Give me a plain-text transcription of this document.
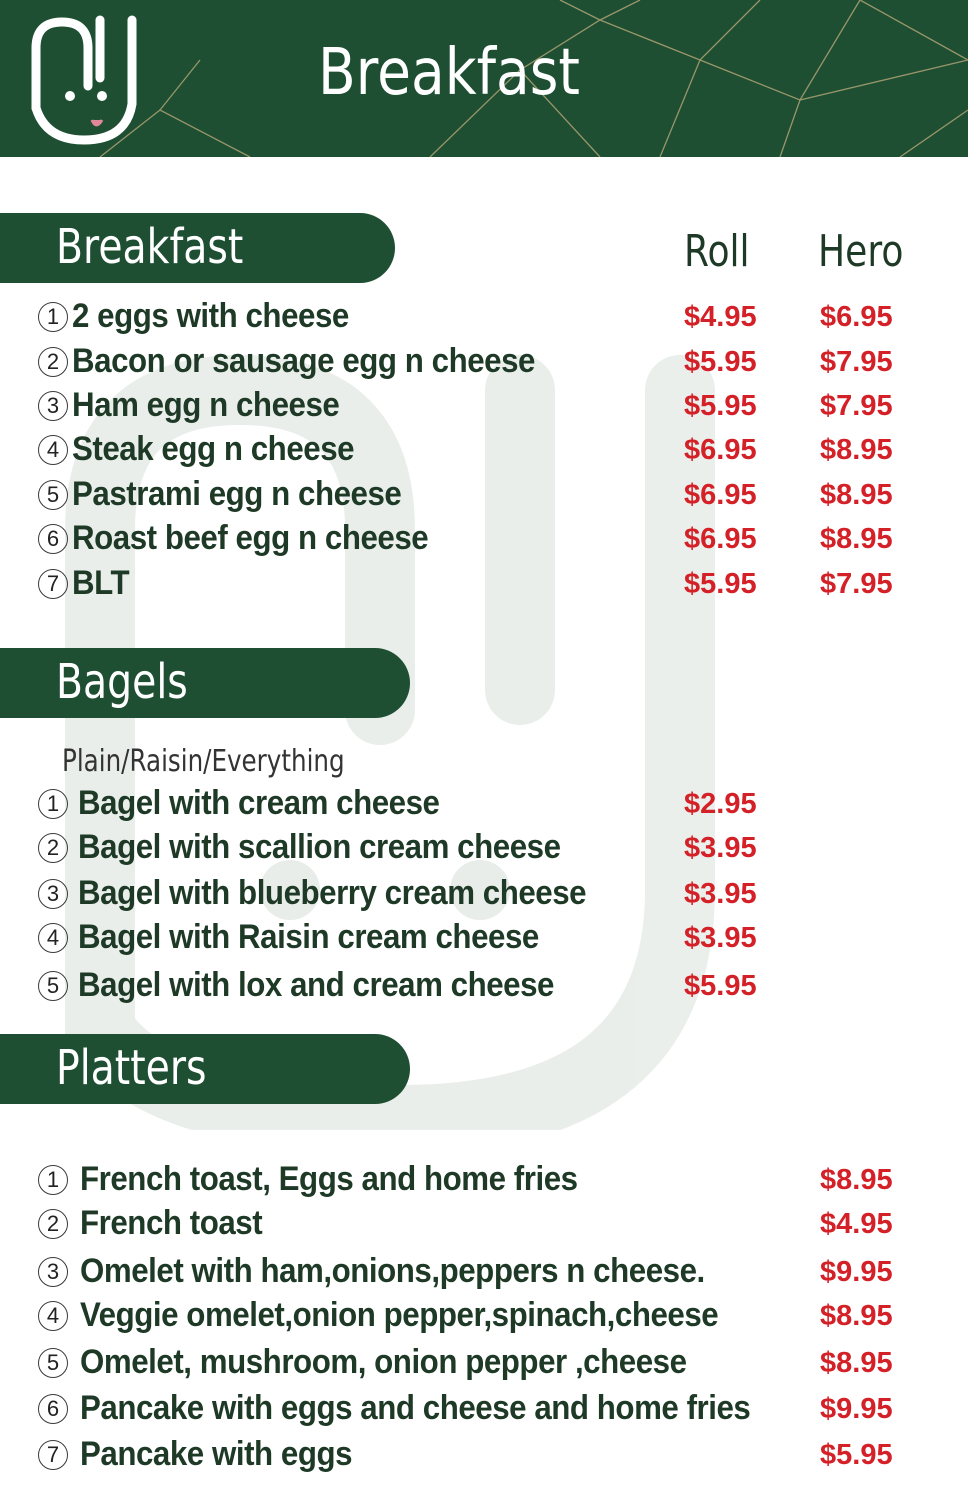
Breakfast
Breakfast	Roll Hero
1 2 eggs with cheese	$4.95 $6.95
2 Bacon or sausage egg n cheese	$5.95 $7.95
3 Ham egg n cheese	$5.95 $7.95
4 Steak egg n cheese	$6.95 $8.95
5 Pastrami egg n cheese	$6.95 $8.95
6 Roast beef egg n cheese	$6.95 $8.95
7 BLT	$5.95 $7.95
Bagels
Plain/Raisin/Everything
1 Bagel with cream cheese	$2.95
2 Bagel with scallion cream cheese	$3.95
3 Bagel with blueberry cream cheese	$3.95
4 Bagel with Raisin cream cheese	$3.95
5 Bagel with lox and cream cheese	$5.95
Platters
1 French toast, Eggs and home fries	$8.95
2 French toast	$4.95
3 Omelet with ham,onions,peppers n cheese.	$9.95
4 Veggie omelet,onion pepper,spinach,cheese	$8.95
5 Omelet, mushroom, onion pepper ,cheese	$8.95
6 Pancake with eggs and cheese and home fries $9.95
7 Pancake with eggs	$5.95
